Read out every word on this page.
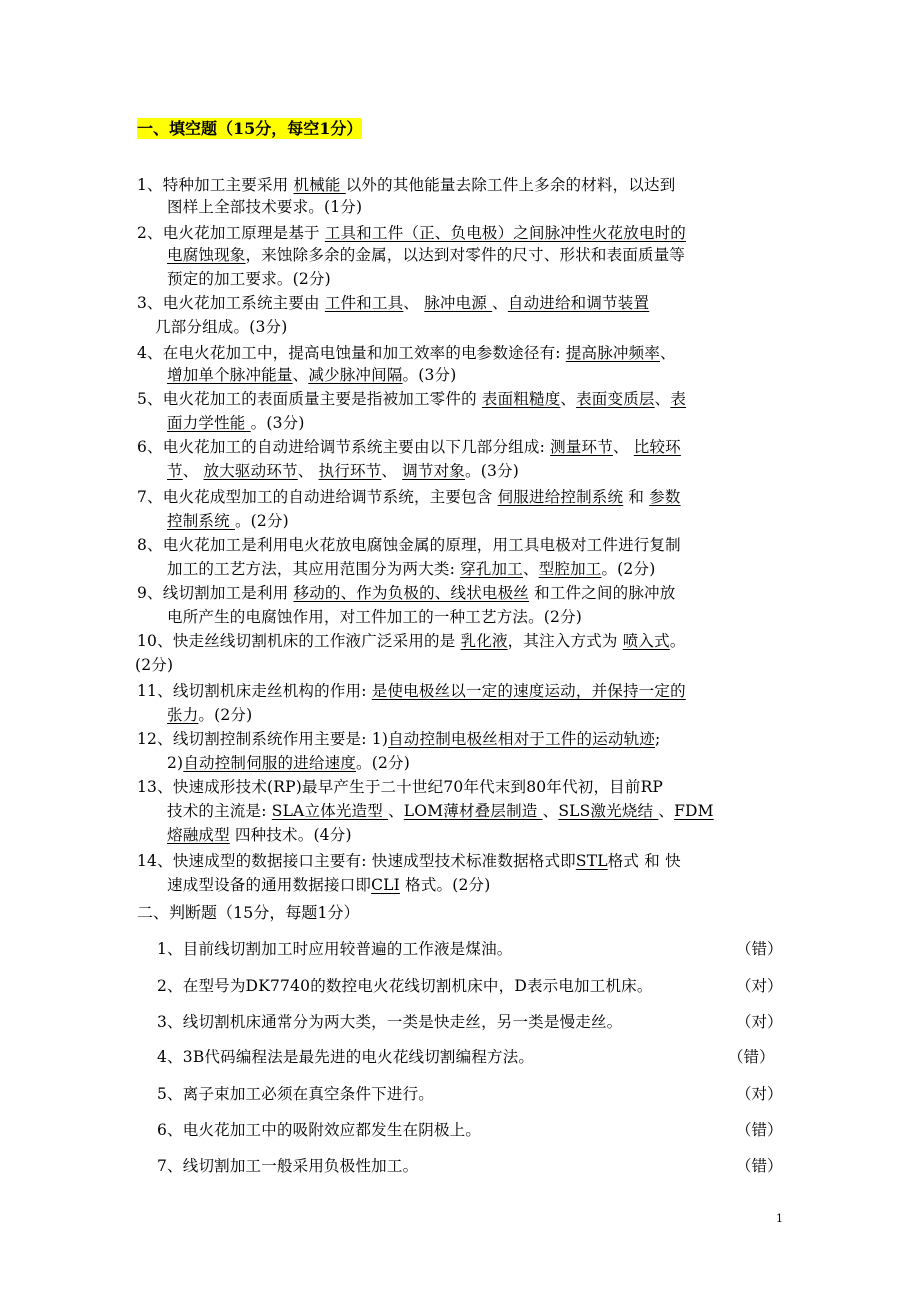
一、填空题（15分，每空1分）
1、特种加工主要采用 机械能 以外的其他能量去除工件上多余的材料，以达到
图样上全部技术要求。(1分)
2、电火花加工原理是基于 工具和工件（正、负电极）之间脉冲性火花放电时的
电腐蚀现象，来蚀除多余的金属，以达到对零件的尺寸、形状和表面质量等
预定的加工要求。(2分)
3、电火花加工系统主要由 工件和工具、 脉冲电源 、自动进给和调节装置
几部分组成。(3分)
4、在电火花加工中，提高电蚀量和加工效率的电参数途径有: 提高脉冲频率、
增加单个脉冲能量、减少脉冲间隔。(3分)
5、电火花加工的表面质量主要是指被加工零件的 表面粗糙度、表面变质层、表
面力学性能 。(3分)
6、电火花加工的自动进给调节系统主要由以下几部分组成: 测量环节、 比较环
节、 放大驱动环节、 执行环节、 调节对象。(3分)
7、电火花成型加工的自动进给调节系统，主要包含 伺服进给控制系统 和 参数
控制系统 。(2分)
8、电火花加工是利用电火花放电腐蚀金属的原理，用工具电极对工件进行复制
加工的工艺方法，其应用范围分为两大类: 穿孔加工、型腔加工。(2分)
9、线切割加工是利用 移动的、作为负极的、线状电极丝 和工件之间的脉冲放
电所产生的电腐蚀作用，对工件加工的一种工艺方法。(2分)
10、快走丝线切割机床的工作液广泛采用的是 乳化液，其注入方式为 喷入式。
(2分)
11、线切割机床走丝机构的作用: 是使电极丝以一定的速度运动，并保持一定的
张力。(2分)
12、线切割控制系统作用主要是: 1)自动控制电极丝相对于工件的运动轨迹;
2)自动控制伺服的进给速度。(2分)
13、快速成形技术(RP)最早产生于二十世纪70年代末到80年代初，目前RP
技术的主流是: SLA立体光造型 、LOM薄材叠层制造 、SLS激光烧结 、FDM
熔融成型 四种技术。(4分)
14、快速成型的数据接口主要有: 快速成型技术标准数据格式即STL格式 和 快
速成型设备的通用数据接口即CLI 格式。(2分)
二、判断题（15分，每题1分）
1、目前线切割加工时应用较普遍的工作液是煤油。	（错）
2、在型号为DK7740的数控电火花线切割机床中，D表示电加工机床。	（对）
3、线切割机床通常分为两大类，一类是快走丝，另一类是慢走丝。	（对）
4、3B代码编程法是最先进的电火花线切割编程方法。	（错）
5、离子束加工必须在真空条件下进行。	（对）
6、电火花加工中的吸附效应都发生在阴极上。	（错）
7、线切割加工一般采用负极性加工。	（错）
1
